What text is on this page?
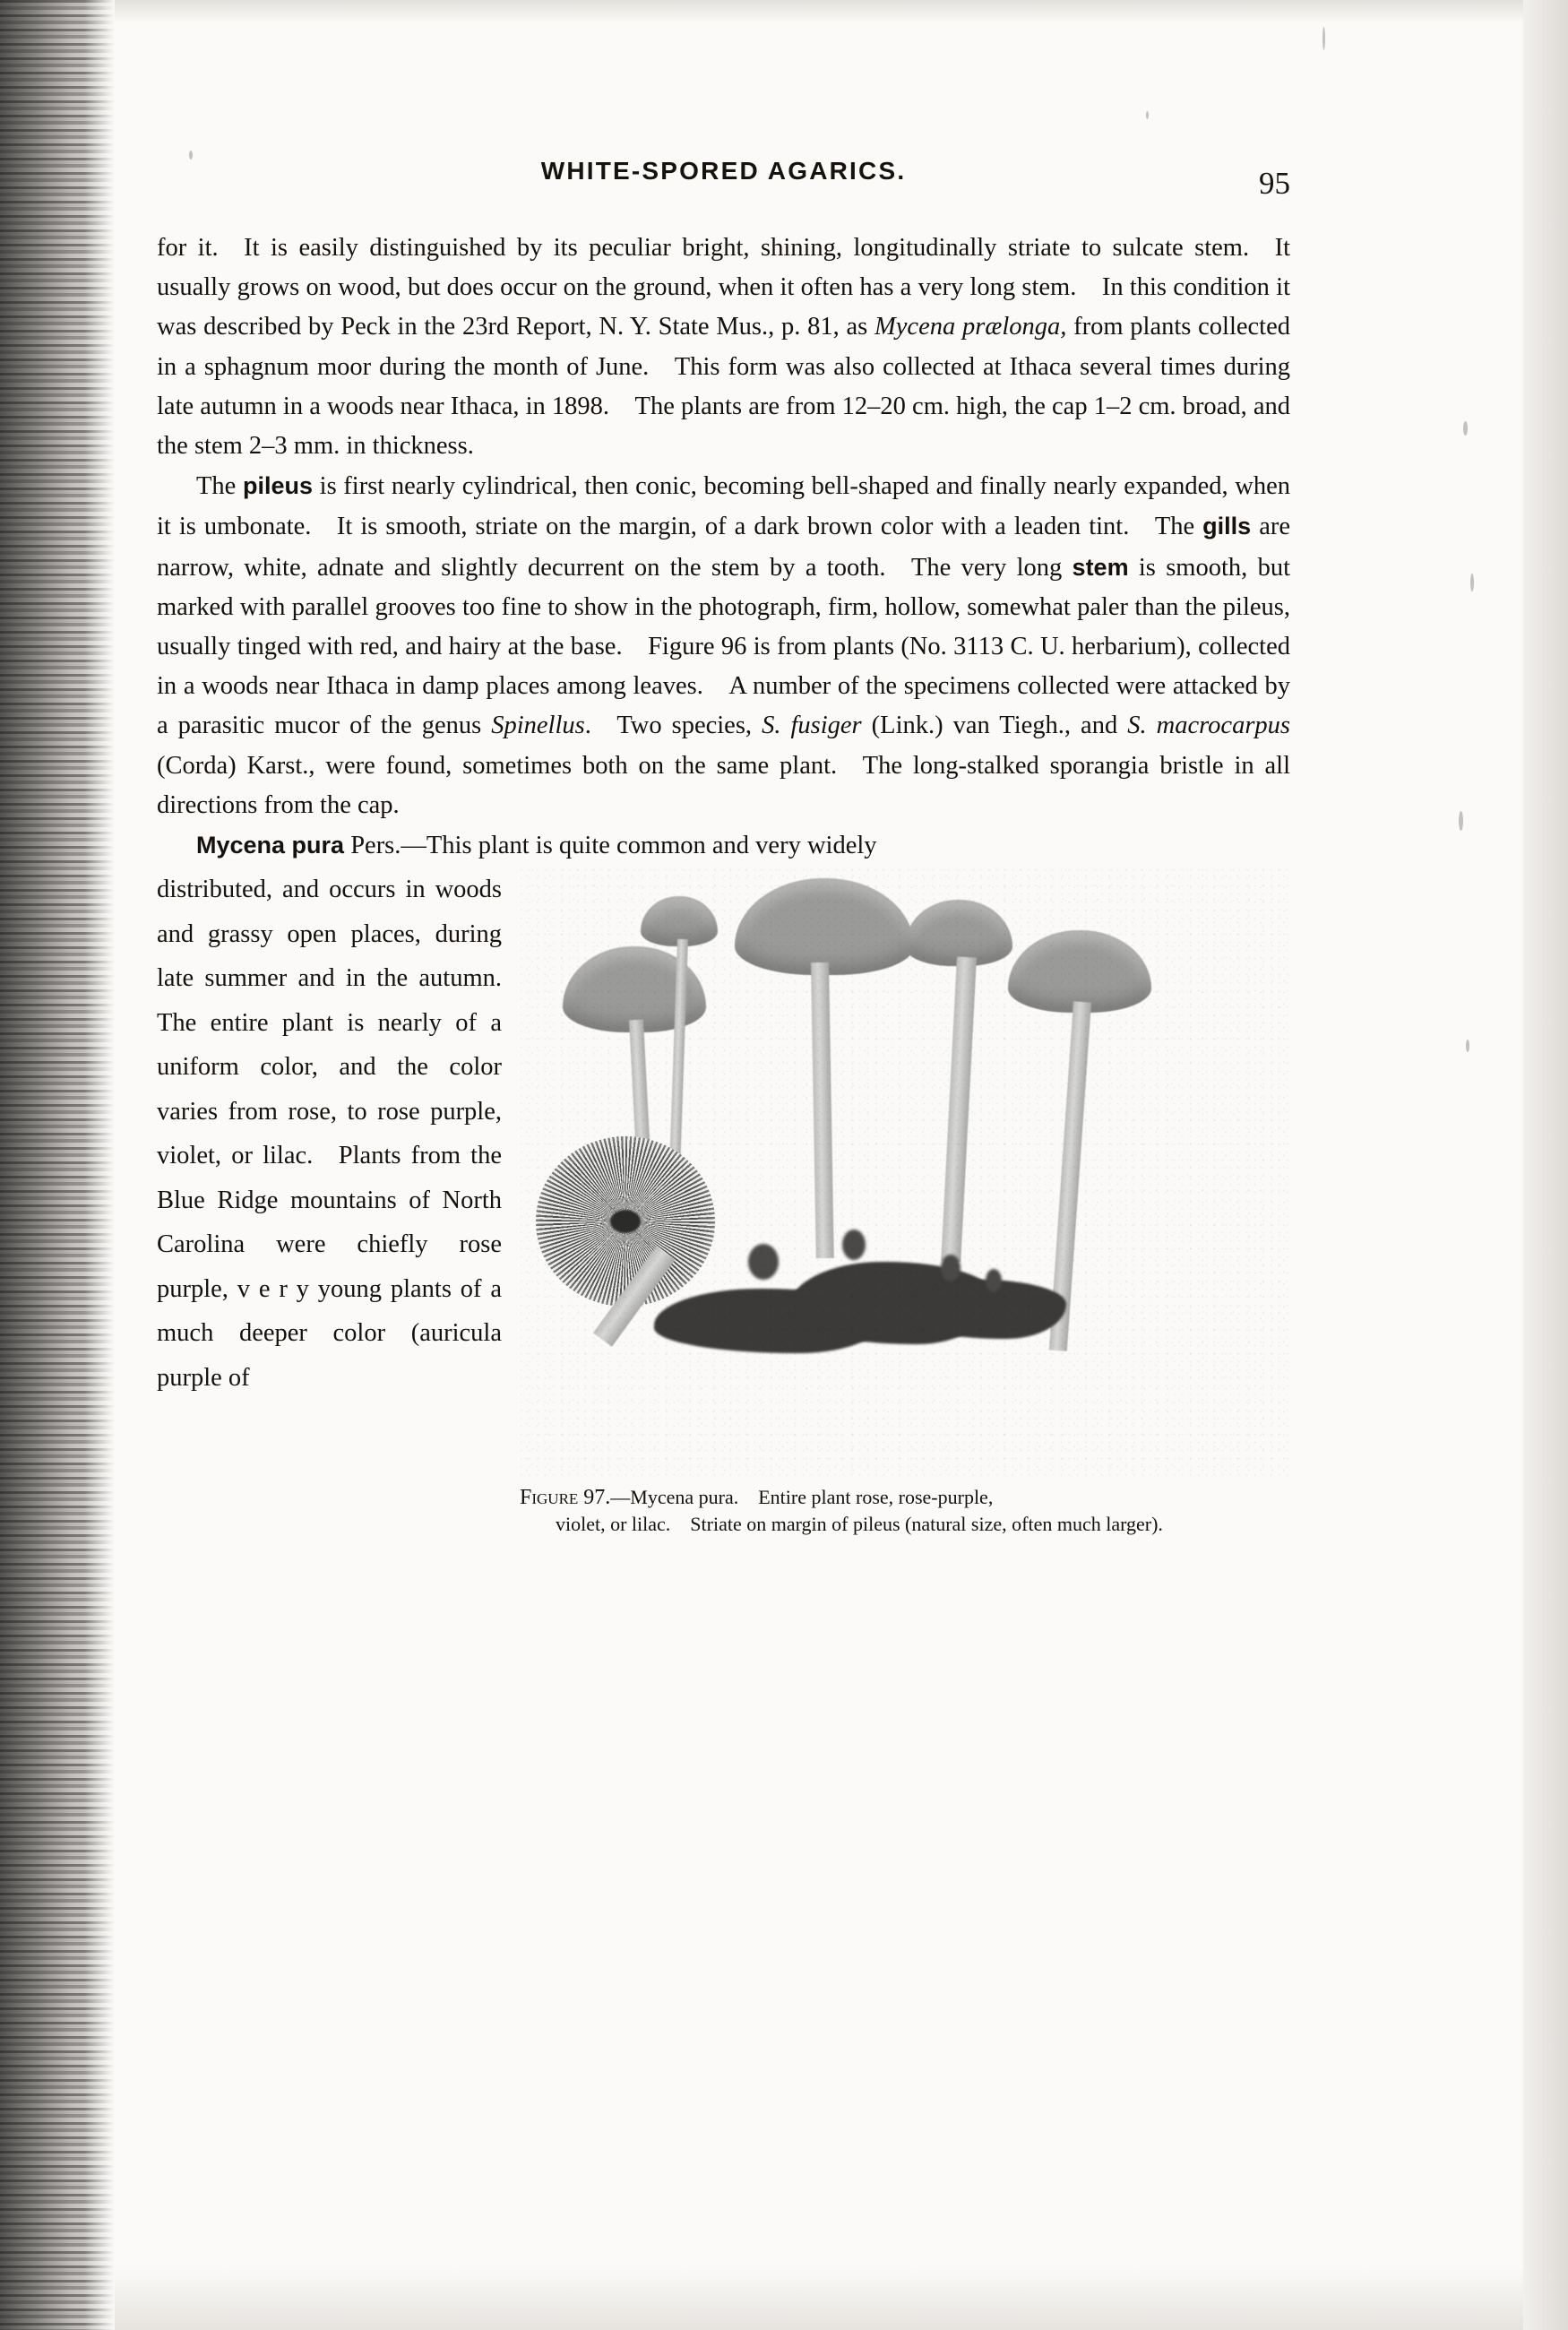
WHITE-SPORED AGARICS.	95

for it. It is easily distinguished by its peculiar bright, shining, longitudinally striate to sulcate stem. It usually grows on wood, but does occur on the ground, when it often has a very long stem. In this condition it was described by Peck in the 23rd Report, N. Y. State Mus., p. 81, as Mycena prælonga, from plants collected in a sphagnum moor during the month of June. This form was also collected at Ithaca several times during late autumn in a woods near Ithaca, in 1898. The plants are from 12–20 cm. high, the cap 1–2 cm. broad, and the stem 2–3 mm. in thickness.

The pileus is first nearly cylindrical, then conic, becoming bell-shaped and finally nearly expanded, when it is umbonate. It is smooth, striate on the margin, of a dark brown color with a leaden tint. The gills are narrow, white, adnate and slightly decurrent on the stem by a tooth. The very long stem is smooth, but marked with parallel grooves too fine to show in the photograph, firm, hollow, somewhat paler than the pileus, usually tinged with red, and hairy at the base. Figure 96 is from plants (No. 3113 C. U. herbarium), collected in a woods near Ithaca in damp places among leaves. A number of the specimens collected were attacked by a parasitic mucor of the genus Spinellus. Two species, S. fusiger (Link.) van Tiegh., and S. macrocarpus (Corda) Karst., were found, sometimes both on the same plant. The long-stalked sporangia bristle in all directions from the cap.

Mycena pura Pers.—This plant is quite common and very widely

Figure 97.—Mycena pura. Entire plant rose, rose-purple,
violet, or lilac. Striate on margin of pileus (natural size, often much larger).
distributed, and occurs in woods and grassy open places, during late summer and in the autumn. The entire plant is nearly of a uniform color, and the color varies from rose, to rose purple, violet, or lilac. Plants from the Blue Ridge mountains of North Carolina were chiefly rose purple, v e r y young plants of a much deeper color (auricula purple of
